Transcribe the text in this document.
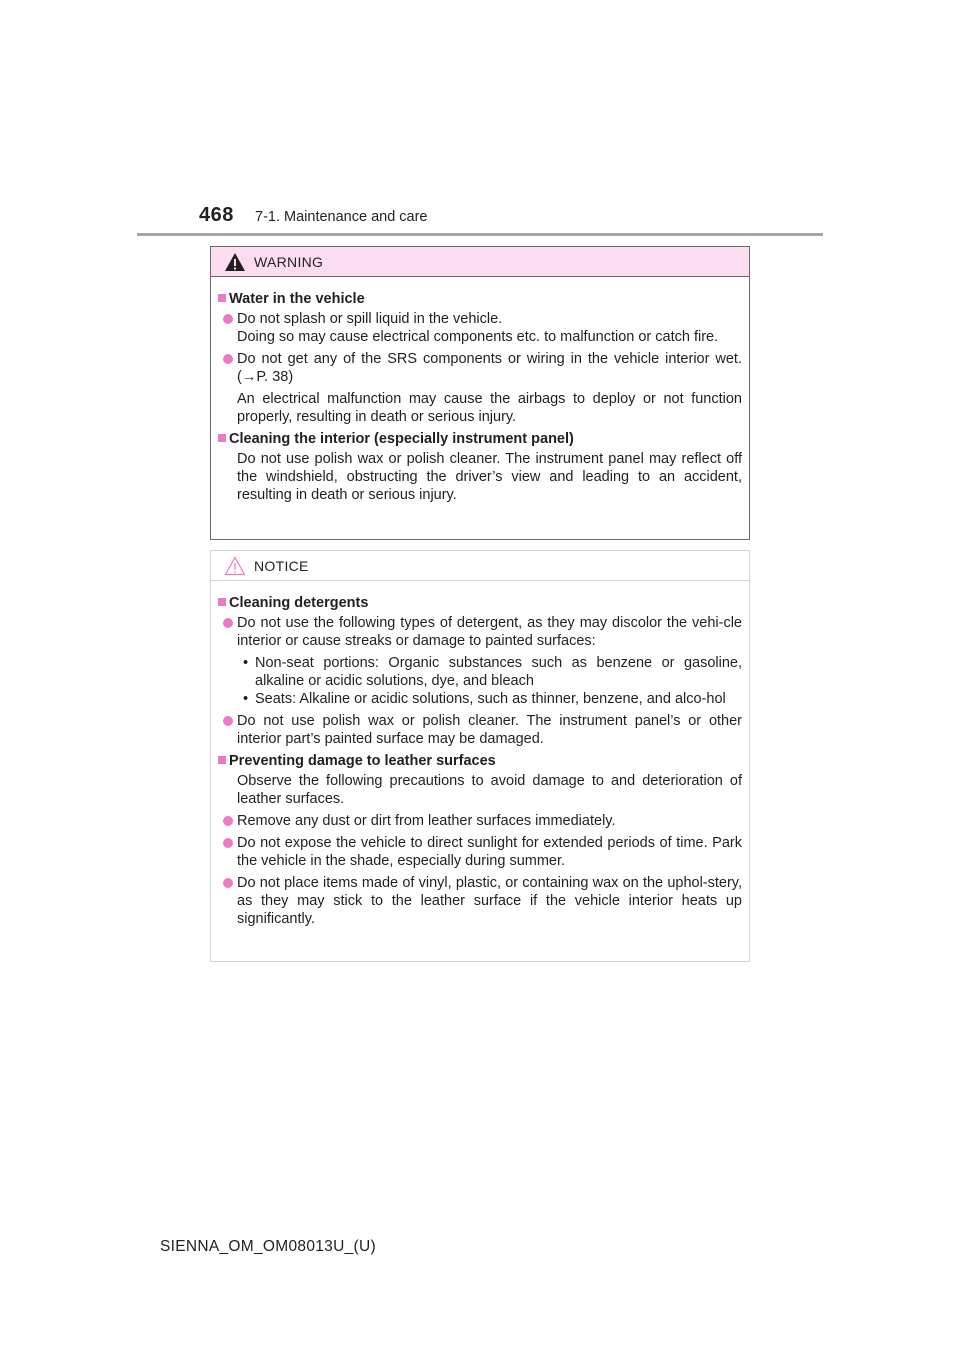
468 7-1. Maintenance and care
WARNING
Water in the vehicle
Do not splash or spill liquid in the vehicle.
Doing so may cause electrical components etc. to malfunction or catch fire.
Do not get any of the SRS components or wiring in the vehicle interior wet. (→P. 38)
An electrical malfunction may cause the airbags to deploy or not function properly, resulting in death or serious injury.
Cleaning the interior (especially instrument panel)
Do not use polish wax or polish cleaner. The instrument panel may reflect off the windshield, obstructing the driver’s view and leading to an accident, resulting in death or serious injury.
NOTICE
Cleaning detergents
Do not use the following types of detergent, as they may discolor the vehi-cle interior or cause streaks or damage to painted surfaces:
• Non-seat portions: Organic substances such as benzene or gasoline, alkaline or acidic solutions, dye, and bleach
• Seats: Alkaline or acidic solutions, such as thinner, benzene, and alco-hol
Do not use polish wax or polish cleaner. The instrument panel’s or other interior part’s painted surface may be damaged.
Preventing damage to leather surfaces
Observe the following precautions to avoid damage to and deterioration of leather surfaces.
Remove any dust or dirt from leather surfaces immediately.
Do not expose the vehicle to direct sunlight for extended periods of time. Park the vehicle in the shade, especially during summer.
Do not place items made of vinyl, plastic, or containing wax on the uphol-stery, as they may stick to the leather surface if the vehicle interior heats up significantly.
SIENNA_OM_OM08013U_(U)
